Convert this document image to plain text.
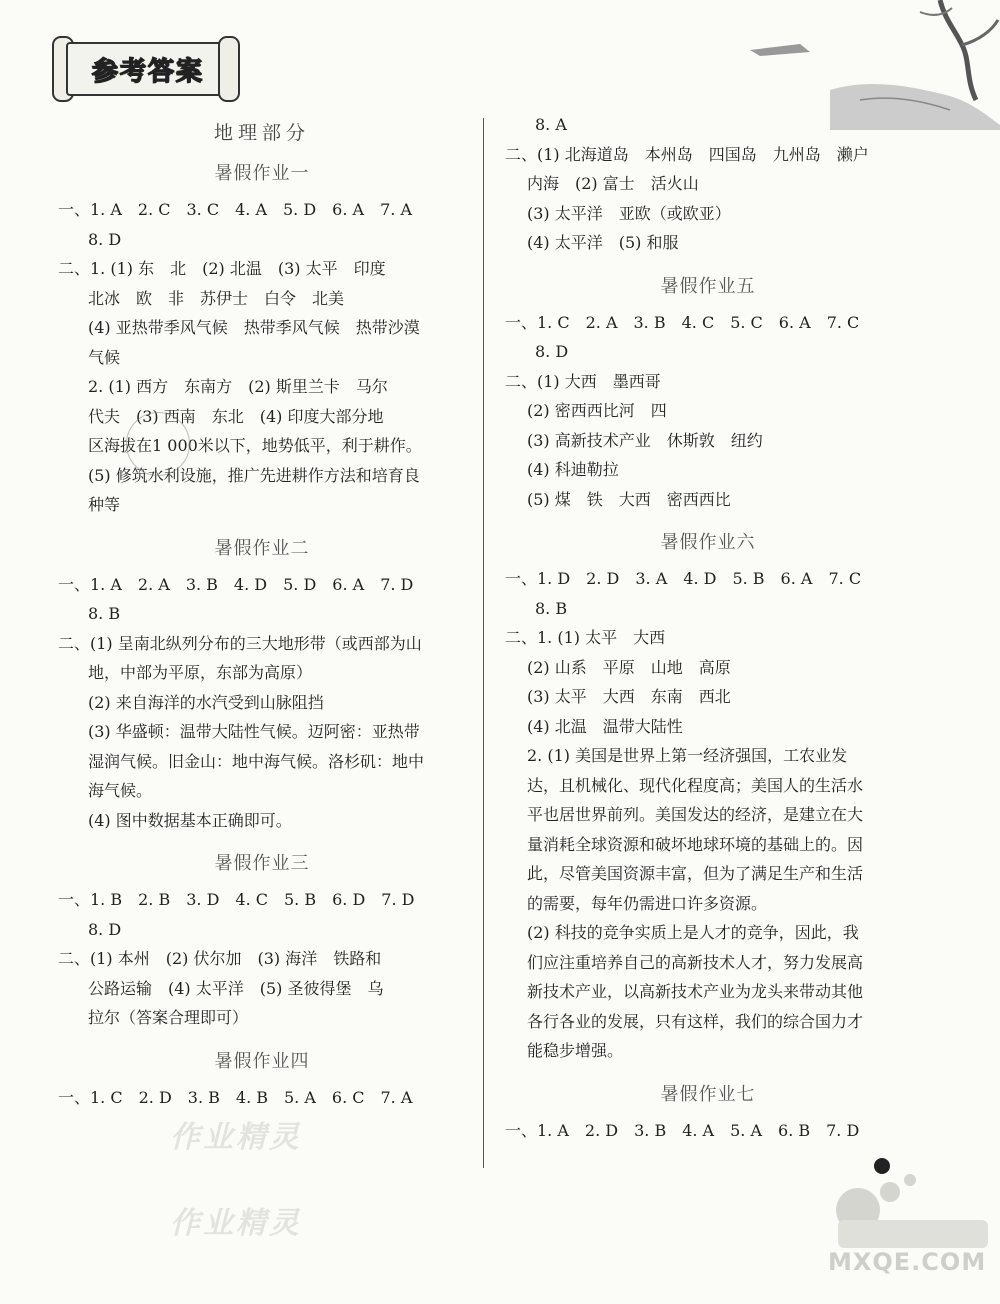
参考答案
地理部分
暑假作业一

一、1. A　2. C　3. C　4. A　5. D　6. A　7. A

8. D

二、1. (1) 东　北　(2) 北温　(3) 太平　印度

北冰　欧　非　苏伊士　白令　北美

(4) 亚热带季风气候　热带季风气候　热带沙漠

气候

2. (1) 西方　东南方　(2) 斯里兰卡　马尔

代夫　(3) 西南　东北　(4) 印度大部分地

区海拔在1 000米以下，地势低平，利于耕作。

(5) 修筑水利设施，推广先进耕作方法和培育良

种等

暑假作业二

一、1. A　2. A　3. B　4. D　5. D　6. A　7. D

8. B

二、(1) 呈南北纵列分布的三大地形带（或西部为山

地，中部为平原，东部为高原）

(2) 来自海洋的水汽受到山脉阻挡

(3) 华盛顿：温带大陆性气候。迈阿密：亚热带

湿润气候。旧金山：地中海气候。洛杉矶：地中

海气候。

(4) 图中数据基本正确即可。

暑假作业三

一、1. B　2. B　3. D　4. C　5. B　6. D　7. D

8. D

二、(1) 本州　(2) 伏尔加　(3) 海洋　铁路和

公路运输　(4) 太平洋　(5) 圣彼得堡　乌

拉尔（答案合理即可）

暑假作业四

一、1. C　2. D　3. B　4. B　5. A　6. C　7. A

8. A

二、(1) 北海道岛　本州岛　四国岛　九州岛　濑户

内海　(2) 富士　活火山

(3) 太平洋　亚欧（或欧亚）

(4) 太平洋　(5) 和服

暑假作业五

一、1. C　2. A　3. B　4. C　5. C　6. A　7. C

8. D

二、(1) 大西　墨西哥

(2) 密西西比河　四

(3) 高新技术产业　休斯敦　纽约

(4) 科迪勒拉

(5) 煤　铁　大西　密西西比

暑假作业六

一、1. D　2. D　3. A　4. D　5. B　6. A　7. C

8. B

二、1. (1) 太平　大西

(2) 山系　平原　山地　高原

(3) 太平　大西　东南　西北

(4) 北温　温带大陆性

2. (1) 美国是世界上第一经济强国，工农业发

达，且机械化、现代化程度高；美国人的生活水

平也居世界前列。美国发达的经济，是建立在大

量消耗全球资源和破坏地球环境的基础上的。因

此，尽管美国资源丰富，但为了满足生产和生活

的需要，每年仍需进口许多资源。

(2) 科技的竞争实质上是人才的竞争，因此，我

们应注重培养自己的高新技术人才，努力发展高

新技术产业，以高新技术产业为龙头来带动其他

各行各业的发展，只有这样，我们的综合国力才

能稳步增强。

暑假作业七

一、1. A　2. D　3. B　4. A　5. A　6. B　7. D

作业精灵
作业精灵
MXQE.COM
